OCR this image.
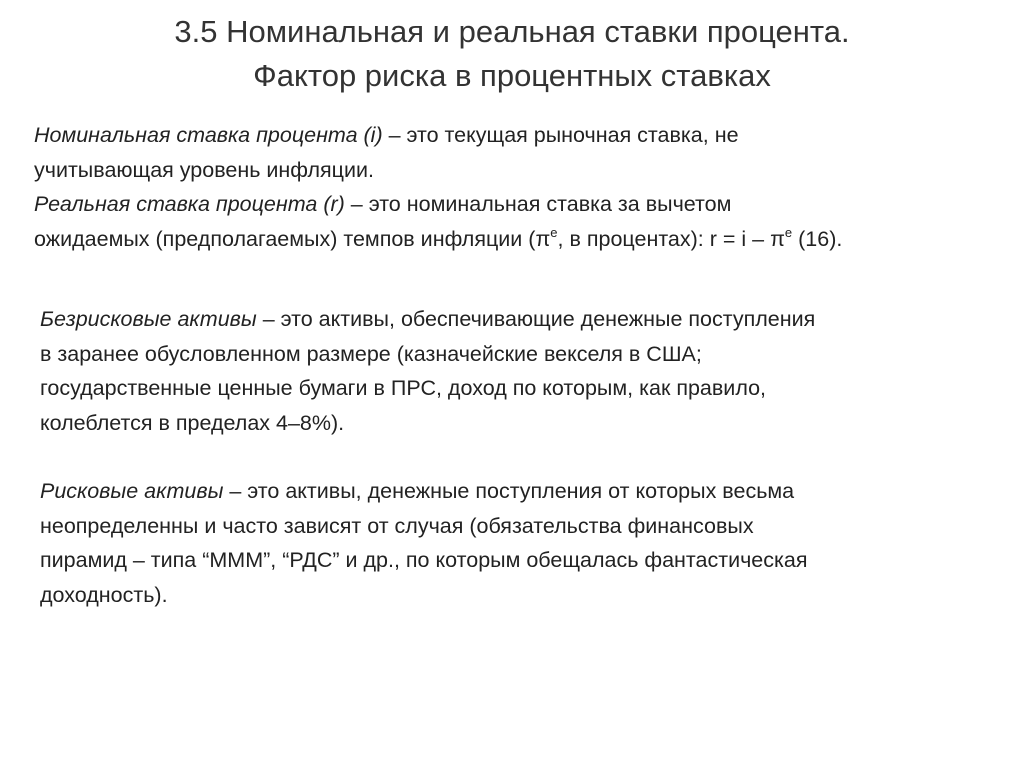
3.5 Номинальная и реальная ставки процента.
Фактор риска в процентных ставках

Номинальная ставка процента (i) – это текущая рыночная ставка, не
учитывающая уровень инфляции.

Реальная ставка процента (r) – это номинальная ставка за вычетом
ожидаемых (предполагаемых) темпов инфляции ($\pi^e$, в процентах): $r = i - \pi^e$ (16).

Безрисковые активы – это активы, обеспечивающие денежные поступления
в заранее обусловленном размере (казначейские векселя в США;
государственные ценные бумаги в ПРС, доход по которым, как правило,
колеблется в пределах 4–8%).

Рисковые активы – это активы, денежные поступления от которых весьма
неопределенны и часто зависят от случая (обязательства финансовых
пирамид – типа “МММ”, “РДС” и др., по которым обещалась фантастическая
доходность).
